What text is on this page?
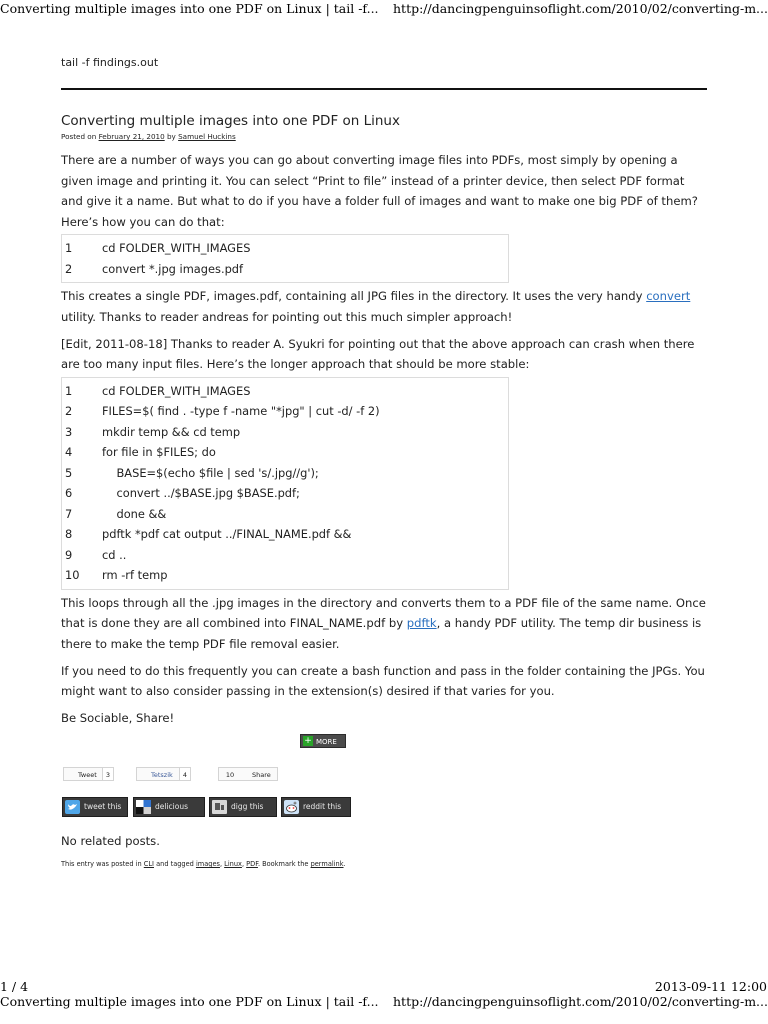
Converting multiple images into one PDF on Linux | tail -f... http://dancingpenguinsoflight.com/2010/02/converting-m...
tail -f findings.out
Converting multiple images into one PDF on Linux
Posted on February 21, 2010 by Samuel Huckins

There are a number of ways you can go about converting image files into PDFs, most simply by opening a given image and printing it. You can select “Print to file” instead of a printer device, then select PDF format and give it a name. But what to do if you have a folder full of images and want to make one big PDF of them? Here’s how you can do that:

1	cd FOLDER_WITH_IMAGES
2	convert *.jpg images.pdf

This creates a single PDF, images.pdf, containing all JPG files in the directory. It uses the very handy convert utility. Thanks to reader andreas for pointing out this much simpler approach!

[Edit, 2011-08-18] Thanks to reader A. Syukri for pointing out that the above approach can crash when there are too many input files. Here’s the longer approach that should be more stable:

1	cd FOLDER_WITH_IMAGES
2	FILES=$( find . -type f -name "*jpg" | cut -d/ -f 2)
3	mkdir temp && cd temp
4	for file in $FILES; do
5	BASE=$(echo $file | sed 's/.jpg//g');
6	convert ../$BASE.jpg $BASE.pdf;
7	done &&
8	pdftk *pdf cat output ../FINAL_NAME.pdf &&
9	cd ..
10 rm -rf temp

This loops through all the .jpg images in the directory and converts them to a PDF file of the same name. Once that is done they are all combined into FINAL_NAME.pdf by pdftk, a handy PDF utility. The temp dir business is there to make the temp PDF file removal easier.

If you need to do this frequently you can create a bash function and pass in the folder containing the JPGs. You might want to also consider passing in the extension(s) desired if that varies for you.

Be Sociable, Share!

+ MORE
Tweet	3	Tetszik	4	10	Share
tweet this	delicious	digg this	reddit this
No related posts.
This entry was posted in CLI and tagged images, Linux, PDF. Bookmark the permalink.
1 / 4	2013-09-11 12:00
Converting multiple images into one PDF on Linux | tail -f... http://dancingpenguinsoflight.com/2010/02/converting-m...
